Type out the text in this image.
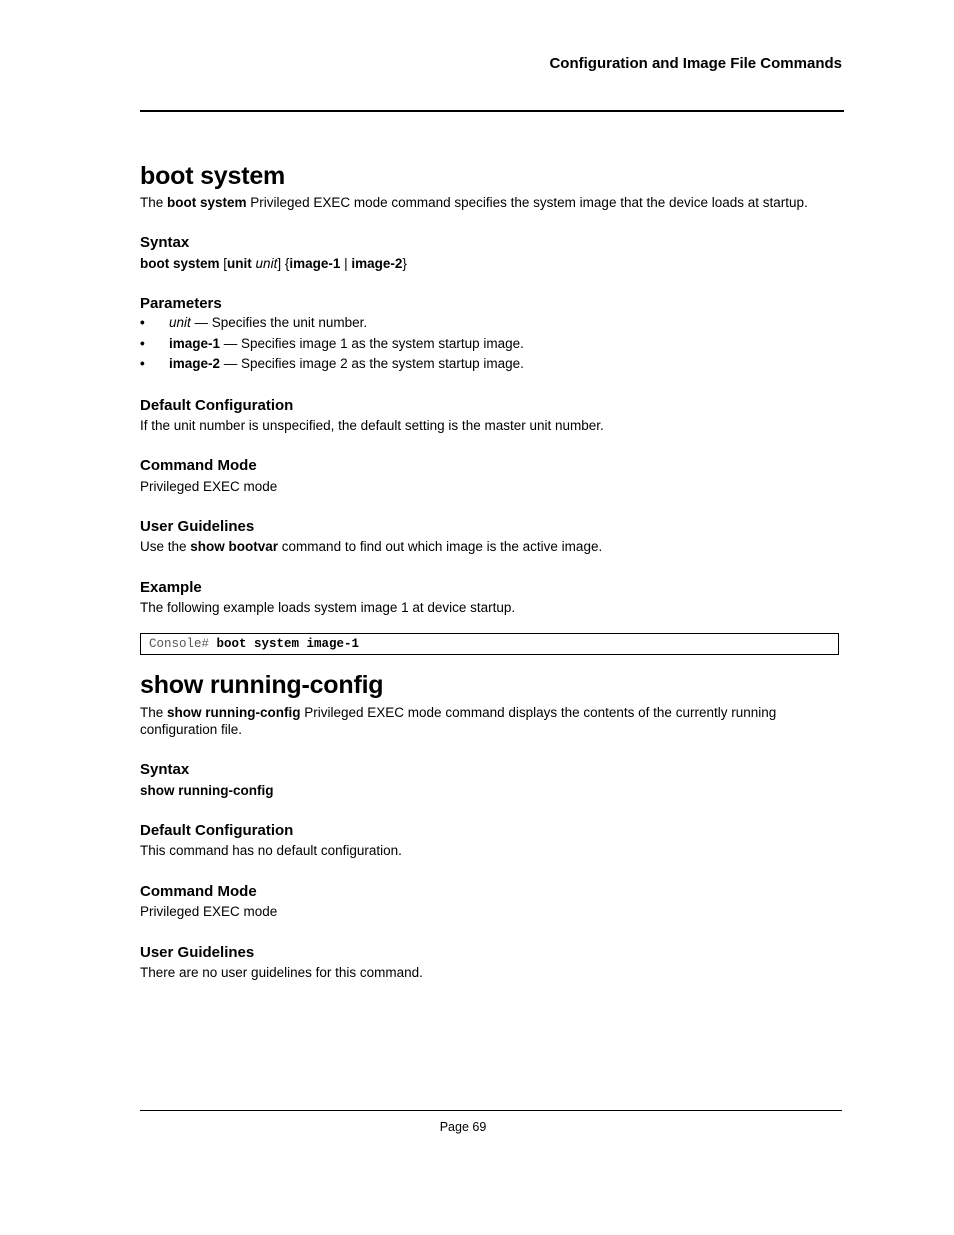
Configuration and Image File Commands
boot system
The boot system Privileged EXEC mode command specifies the system image that the device loads at startup.
Syntax
boot system [unit unit] {image-1 | image-2}
Parameters
• unit — Specifies the unit number.
• image-1 — Specifies image 1 as the system startup image.
• image-2 — Specifies image 2 as the system startup image.
Default Configuration
If the unit number is unspecified, the default setting is the master unit number.
Command Mode
Privileged EXEC mode
User Guidelines
Use the show bootvar command to find out which image is the active image.
Example
The following example loads system image 1 at device startup.
Console# boot system image-1
show running-config
The show running-config Privileged EXEC mode command displays the contents of the currently running configuration file.
Syntax
show running-config
Default Configuration
This command has no default configuration.
Command Mode
Privileged EXEC mode
User Guidelines
There are no user guidelines for this command.
Page 69
